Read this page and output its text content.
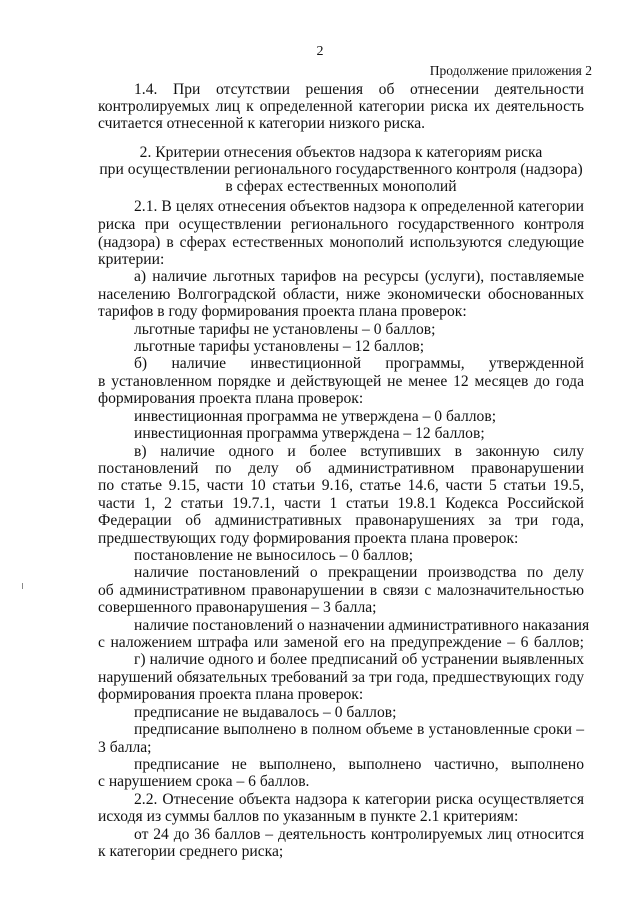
2
Продолжение приложения 2
1.4. При отсутствии решения об отнесении деятельности
контролируемых лиц к определенной категории риска их деятельность
считается отнесенной к категории низкого риска.
2. Критерии отнесения объектов надзора к категориям риска
при осуществлении регионального государственного контроля (надзора)
в сферах естественных монополий
2.1. В целях отнесения объектов надзора к определенной категории
риска при осуществлении регионального государственного контроля
(надзора) в сферах естественных монополий используются следующие
критерии:
а) наличие льготных тарифов на ресурсы (услуги), поставляемые
населению Волгоградской области, ниже экономически обоснованных
тарифов в году формирования проекта плана проверок:
льготные тарифы не установлены – 0 баллов;
льготные тарифы установлены – 12 баллов;
б) наличие инвестиционной программы, утвержденной
в установленном порядке и действующей не менее 12 месяцев до года
формирования проекта плана проверок:
инвестиционная программа не утверждена – 0 баллов;
инвестиционная программа утверждена – 12 баллов;
в) наличие одного и более вступивших в законную силу
постановлений по делу об административном правонарушении
по статье 9.15, части 10 статьи 9.16, статье 14.6, части 5 статьи 19.5,
части 1, 2 статьи 19.7.1, части 1 статьи 19.8.1 Кодекса Российской
Федерации об административных правонарушениях за три года,
предшествующих году формирования проекта плана проверок:
постановление не выносилось – 0 баллов;
наличие постановлений о прекращении производства по делу
об административном правонарушении в связи с малозначительностью
совершенного правонарушения – 3 балла;
наличие постановлений о назначении административного наказания
с наложением штрафа или заменой его на предупреждение – 6 баллов;
г) наличие одного и более предписаний об устранении выявленных
нарушений обязательных требований за три года, предшествующих году
формирования проекта плана проверок:
предписание не выдавалось – 0 баллов;
предписание выполнено в полном объеме в установленные сроки –
3 балла;
предписание не выполнено, выполнено частично, выполнено
с нарушением срока – 6 баллов.
2.2. Отнесение объекта надзора к категории риска осуществляется
исходя из суммы баллов по указанным в пункте 2.1 критериям:
от 24 до 36 баллов – деятельность контролируемых лиц относится
к категории среднего риска;
